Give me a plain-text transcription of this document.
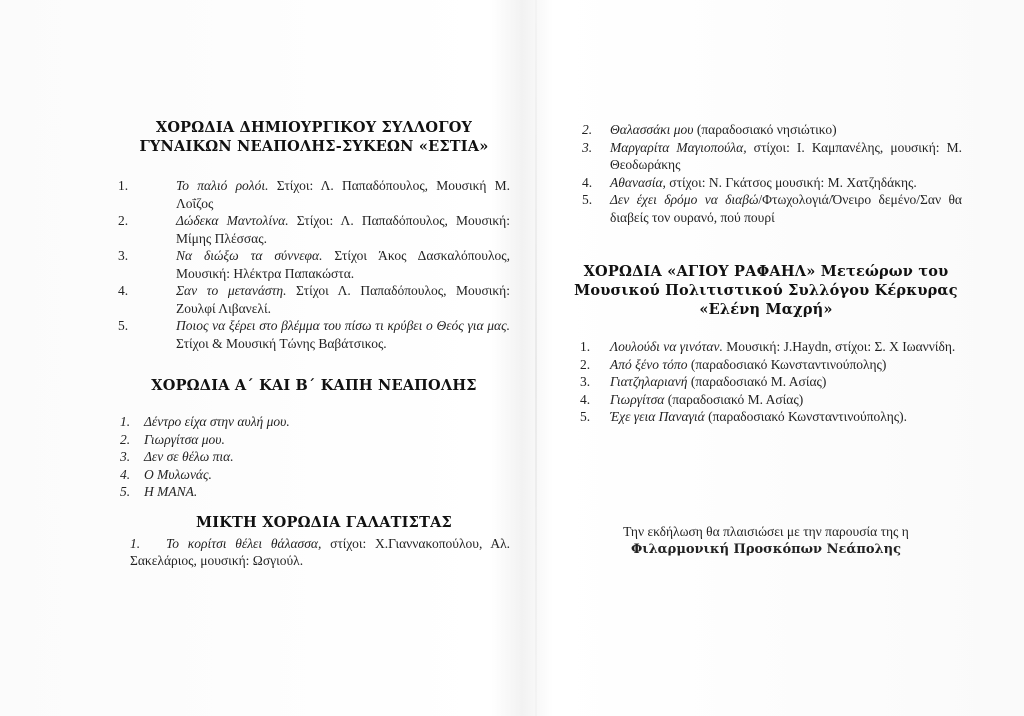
ΧΟΡΩΔΙΑ ΔΗΜΙΟΥΡΓΙΚΟΥ ΣΥΛΛΟΓΟΥ
ΓΥΝΑΙΚΩΝ ΝΕΑΠΟΛΗΣ-ΣΥΚΕΩΝ «ΕΣΤΙΑ»
1.	Το παλιό ρολόι. Στίχοι: Λ. Παπαδόπουλος, Μουσική Μ. Λοΐζος
2.	Δώδεκα Μαντολίνα. Στίχοι: Λ. Παπαδόπουλος, Μουσική: Μίμης Πλέσσας.
3.	Να διώξω τα σύννεφα. Στίχοι Άκος Δασκαλόπουλος, Μουσική: Ηλέκτρα Παπακώστα.
4.	Σαν το μετανάστη. Στίχοι Λ. Παπαδόπουλος, Μουσική: Ζουλφί Λιβανελί.
5.	Ποιος να ξέρει στο βλέμμα του πίσω τι κρύβει ο Θεός για μας. Στίχοι & Μουσική Τώνης Βαβάτσικος.
ΧΟΡΩΔΙΑ Α΄ ΚΑΙ Β΄ ΚΑΠΗ ΝΕΑΠΟΛΗΣ
1.	Δέντρο είχα στην αυλή μου.
2.	Γιωργίτσα μου.
3.	Δεν σε θέλω πια.
4.	Ο Μυλωνάς.
5.	Η ΜΑΝΑ.
ΜΙΚΤΗ ΧΟΡΩΔΙΑ ΓΑΛΑΤΙΣΤΑΣ
1.	Το κορίτσι θέλει θάλασσα, στίχοι: Χ.Γιαννακοπούλου, Αλ. Σακελάριος, μουσική: Ωσγιούλ.
2.	Θαλασσάκι μου (παραδοσιακό νησιώτικο)
3.	Μαργαρίτα Μαγιοπούλα, στίχοι: Ι. Καμπανέλης, μουσική: Μ. Θεοδωράκης
4.	Αθανασία, στίχοι: Ν. Γκάτσος μουσική: Μ. Χατζηδάκης.
5.	Δεν έχει δρόμο να διαβώ/Φτωχολογιά/Όνειρο δεμένο/Σαν θα διαβείς τον ουρανό, πού πουρί
ΧΟΡΩΔΙΑ «ΑΓΙΟΥ ΡΑΦΑΗΛ» Μετεώρων του
Μουσικού Πολιτιστικού Συλλόγου Κέρκυρας
«Ελένη Μαχρή»
1.	Λουλούδι να γινόταν. Μουσική: J.Haydn, στίχοι: Σ. Χ Ιωαννίδη.
2.	Από ξένο τόπο (παραδοσιακό Κωνσταντινούπολης)
3.	Γιατζηλαριανή (παραδοσιακό Μ. Ασίας)
4.	Γιωργίτσα (παραδοσιακό Μ. Ασίας)
5.	Έχε γεια Παναγιά (παραδοσιακό Κωνσταντινούπολης).
Την εκδήλωση θα πλαισιώσει με την παρουσία της η
Φιλαρμονική Προσκόπων Νεάπολης
